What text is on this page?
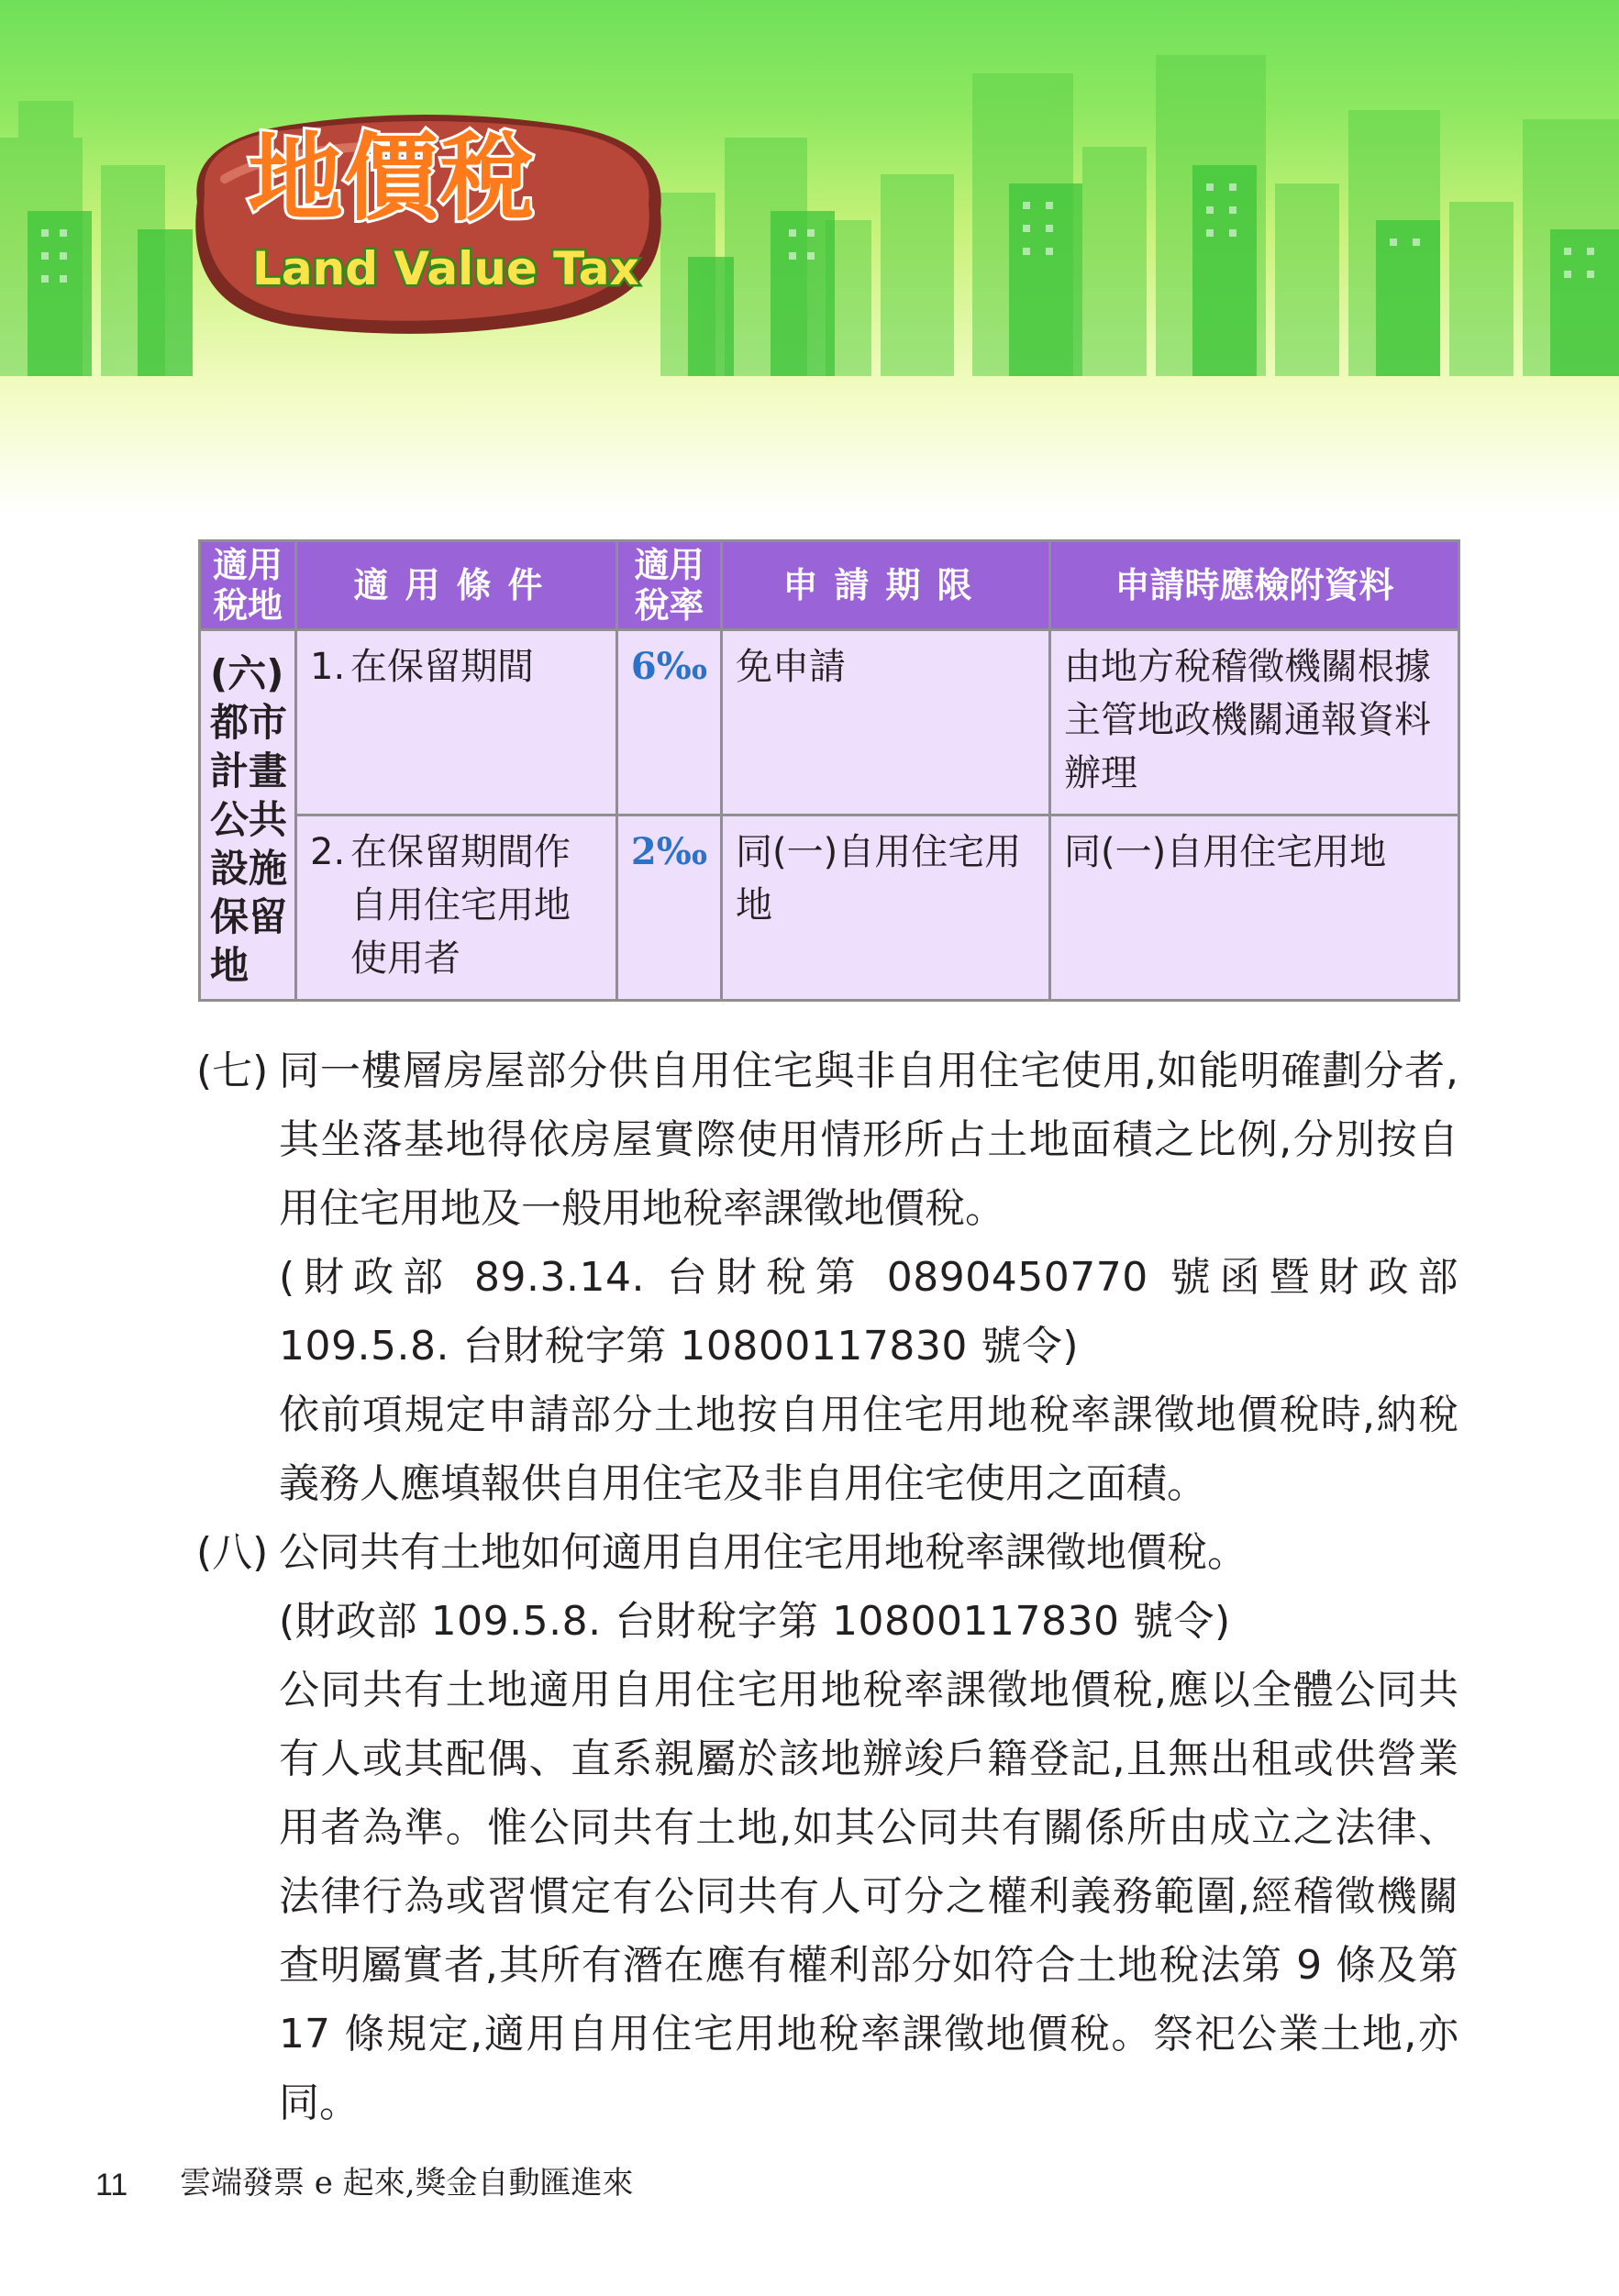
地價稅
Land Value Tax
適用稅地	適用條件	適用稅率	申請期限	申請時應檢附資料
(六)都市計畫公共設施保留地	1. 在保留期間	6‰	免申請	由地方稅稽徵機關根據主管地政機關通報資料辦理

	2. 在保留期間作自用住宅用地使用者	2‰	同(一)自用住宅用地	同(一)自用住宅用地
(七) 同一樓層房屋部分供自用住宅與非自用住宅使用,如能明確劃分者,其坐落基地得依房屋實際使用情形所占土地面積之比例,分別按自用住宅用地及一般用地稅率課徵地價稅。

(財政部 89.3.14. 台財稅第 0890450770 號函暨財政部 109.5.8. 台財稅字第 10800117830 號令)

依前項規定申請部分土地按自用住宅用地稅率課徵地價稅時,納稅義務人應填報供自用住宅及非自用住宅使用之面積。

(八) 公同共有土地如何適用自用住宅用地稅率課徵地價稅。

(財政部 109.5.8. 台財稅字第 10800117830 號令)

公同共有土地適用自用住宅用地稅率課徵地價稅,應以全體公同共有人或其配偶、直系親屬於該地辦竣戶籍登記,且無出租或供營業用者為準。惟公同共有土地,如其公同共有關係所由成立之法律、法律行為或習慣定有公同共有人可分之權利義務範圍,經稽徵機關查明屬實者,其所有潛在應有權利部分如符合土地稅法第 9 條及第 17 條規定,適用自用住宅用地稅率課徵地價稅。祭祀公業土地,亦同。

11 雲端發票 e 起來,獎金自動匯進來
